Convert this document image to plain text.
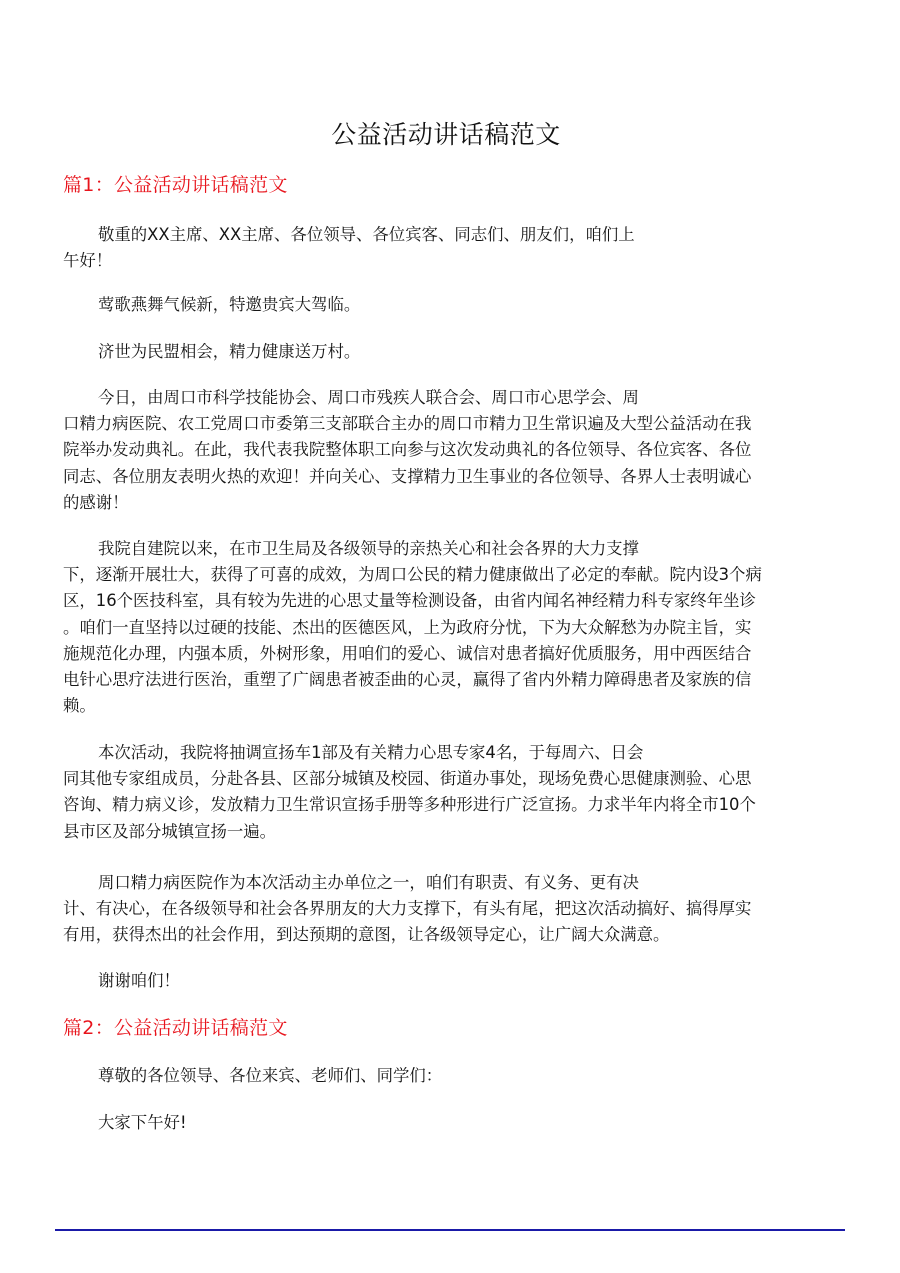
公益活动讲话稿范文
篇1：公益活动讲话稿范文

敬重的XX主席、XX主席、各位领导、各位宾客、同志们、朋友们，咱们上
午好！

莺歌燕舞气候新，特邀贵宾大驾临。

济世为民盟相会，精力健康送万村。

今日，由周口市科学技能协会、周口市残疾人联合会、周口市心思学会、周
口精力病医院、农工党周口市委第三支部联合主办的周口市精力卫生常识遍及大型公益活动在我
院举办发动典礼。在此，我代表我院整体职工向参与这次发动典礼的各位领导、各位宾客、各位
同志、各位朋友表明火热的欢迎！并向关心、支撑精力卫生事业的各位领导、各界人士表明诚心
的感谢！

我院自建院以来，在市卫生局及各级领导的亲热关心和社会各界的大力支撑
下，逐渐开展壮大，获得了可喜的成效，为周口公民的精力健康做出了必定的奉献。院内设3个病
区，16个医技科室，具有较为先进的心思丈量等检测设备，由省内闻名神经精力科专家终年坐诊
。咱们一直坚持以过硬的技能、杰出的医德医风，上为政府分忧，下为大众解愁为办院主旨，实
施规范化办理，内强本质，外树形象，用咱们的爱心、诚信对患者搞好优质服务，用中西医结合
电针心思疗法进行医治，重塑了广阔患者被歪曲的心灵，赢得了省内外精力障碍患者及家族的信
赖。

本次活动，我院将抽调宣扬车1部及有关精力心思专家4名，于每周六、日会
同其他专家组成员，分赴各县、区部分城镇及校园、街道办事处，现场免费心思健康测验、心思
咨询、精力病义诊，发放精力卫生常识宣扬手册等多种形进行广泛宣扬。力求半年内将全市10个
县市区及部分城镇宣扬一遍。

周口精力病医院作为本次活动主办单位之一，咱们有职责、有义务、更有决
计、有决心，在各级领导和社会各界朋友的大力支撑下，有头有尾，把这次活动搞好、搞得厚实
有用，获得杰出的社会作用，到达预期的意图，让各级领导定心，让广阔大众满意。

谢谢咱们！

篇2：公益活动讲话稿范文

尊敬的各位领导、各位来宾、老师们、同学们：

大家下午好!
